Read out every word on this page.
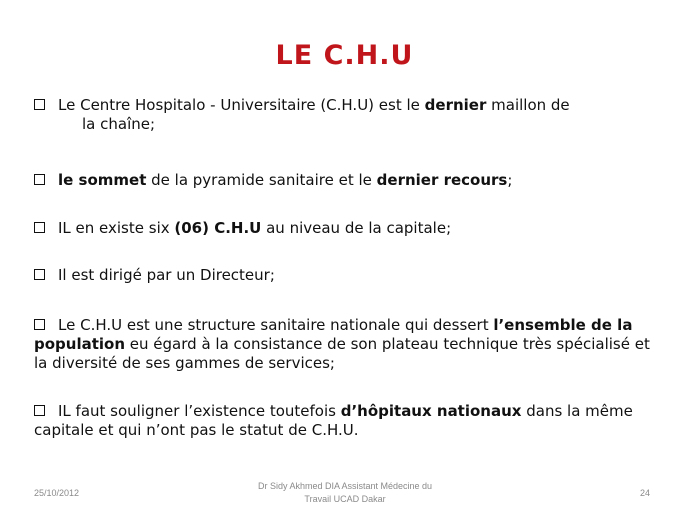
LE C.H.U
Le Centre Hospitalo - Universitaire (C.H.U) est le dernier maillon de
la chaîne;
le sommet de la pyramide sanitaire et le dernier recours;
IL en existe six (06) C.H.U au niveau de la capitale;
Il est dirigé par un Directeur;
Le C.H.U est une structure sanitaire nationale qui dessert l’ensemble de la population eu égard à la consistance de son plateau technique très spécialisé et la diversité de ses gammes de services;
IL faut souligner l’existence toutefois d’hôpitaux nationaux dans la même capitale et qui n’ont pas le statut de C.H.U.
25/10/2012
Dr Sidy Akhmed DIA Assistant Médecine du
Travail UCAD Dakar
24
